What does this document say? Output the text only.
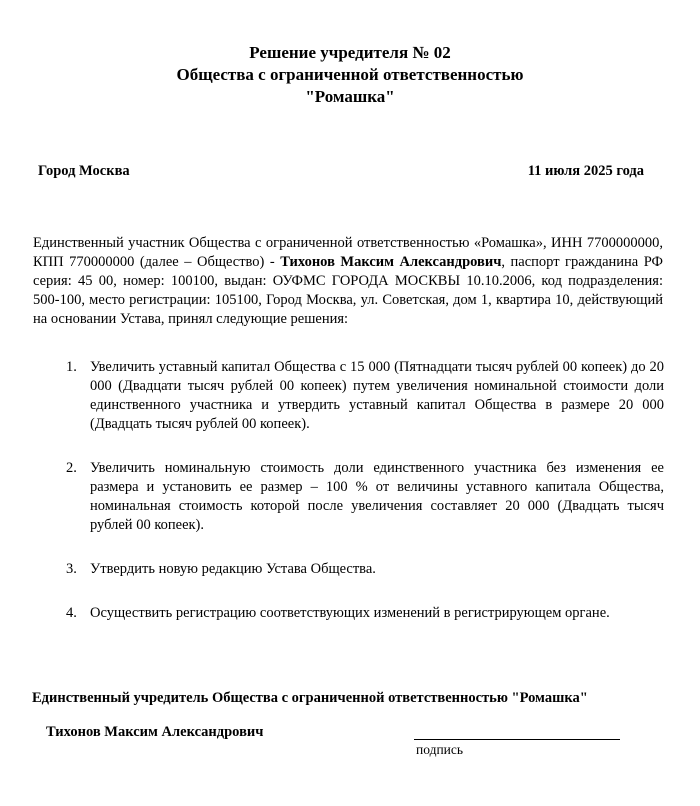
Решение учредителя № 02
Общества с ограниченной ответственностью
"Ромашка"
Город Москва	11 июля 2025 года
Единственный участник Общества с ограниченной ответственностью «Ромашка», ИНН 7700000000, КПП 770000000 (далее – Общество) - Тихонов Максим Александрович, паспорт гражданина РФ серия: 45 00, номер: 100100, выдан: ОУФМС ГОРОДА МОСКВЫ 10.10.2006, код подразделения: 500-100, место регистрации: 105100, Город Москва, ул. Советская, дом 1, квартира 10, действующий на основании Устава, принял следующие решения:
1. Увеличить уставный капитал Общества с 15 000 (Пятнадцати тысяч рублей 00 копеек) до 20 000 (Двадцати тысяч рублей 00 копеек) путем увеличения номинальной стоимости доли единственного участника и утвердить уставный капитал Общества в размере 20 000 (Двадцать тысяч рублей 00 копеек).
2. Увеличить номинальную стоимость доли единственного участника без изменения ее размера и установить ее размер – 100 % от величины уставного капитала Общества, номинальная стоимость которой после увеличения составляет 20 000 (Двадцать тысяч рублей 00 копеек).
3. Утвердить новую редакцию Устава Общества.
4. Осуществить регистрацию соответствующих изменений в регистрирующем органе.
Единственный учредитель Общества с ограниченной ответственностью "Ромашка"
Тихонов Максим Александрович
подпись
